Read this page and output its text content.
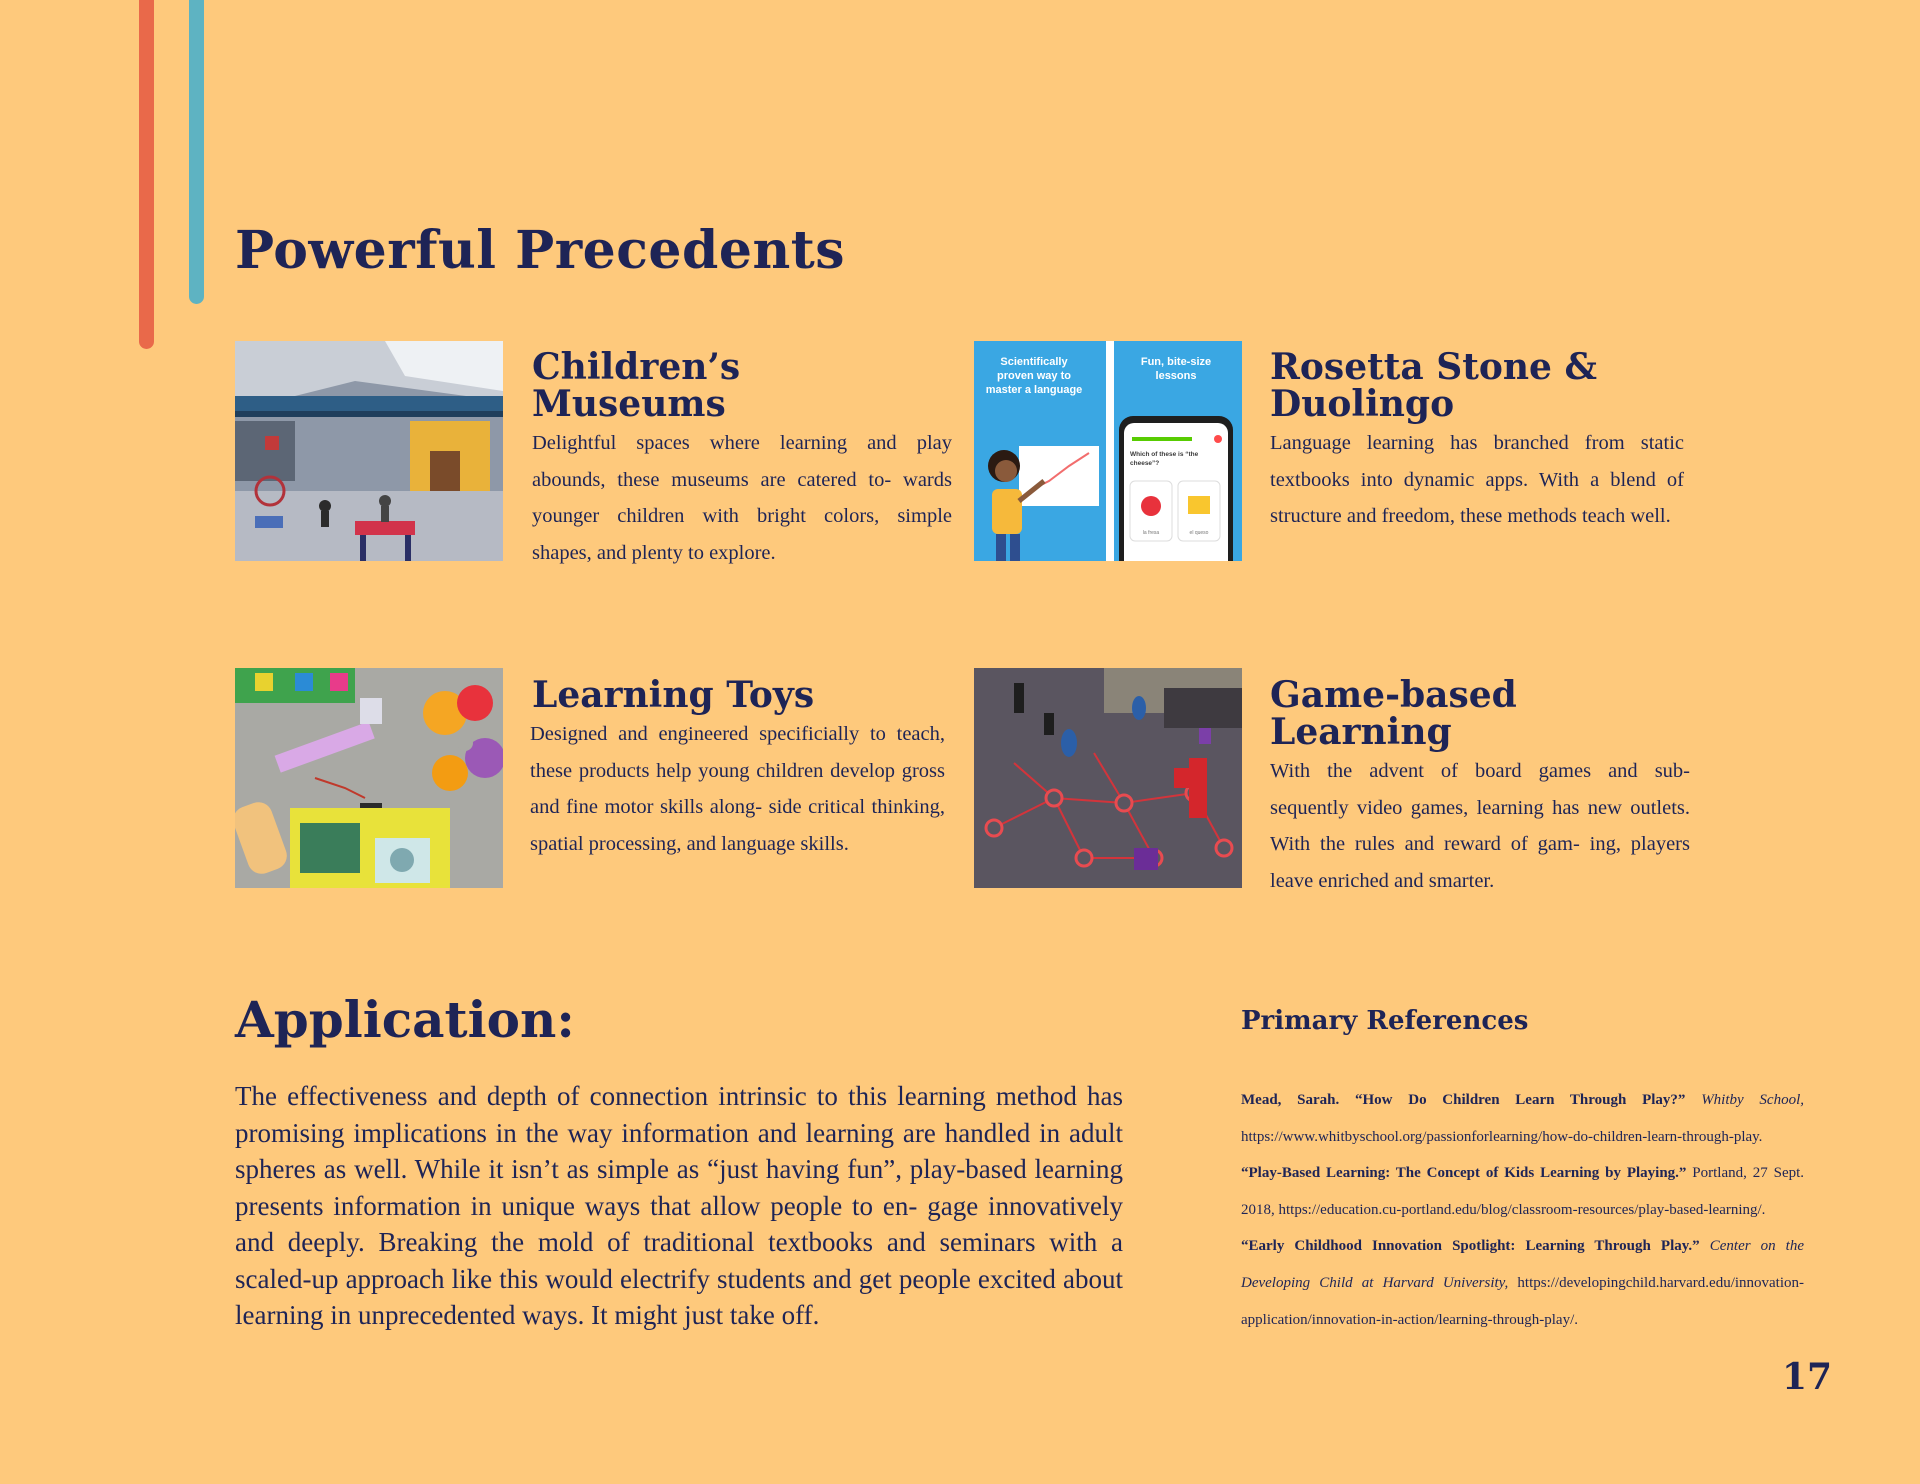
Powerful Precedents
Children’s
Museums

Delightful spaces where learning and play abounds, these museums are catered to- wards younger children with bright colors, simple shapes, and plenty to explore.

Scientifically
proven way to
master a language
Fun, bite-size
lessons
Which of these is “the
cheese”?
la fresa	el queso
Rosetta Stone &
Duolingo

Language learning has branched from static textbooks into dynamic apps. With a blend of structure and freedom, these methods teach well.

Learning Toys

Designed and engineered specificially to teach, these products help young children develop gross and fine motor skills along- side critical thinking, spatial processing, and language skills.

Game-based
Learning

With the advent of board games and sub- sequently video games, learning has new outlets. With the rules and reward of gam- ing, players leave enriched and smarter.

Application:

The effectiveness and depth of connection intrinsic to this learning method has promising implications in the way information and learning are handled in adult spheres as well. While it isn’t as simple as “just having fun”, play-based learning presents information in unique ways that allow people to en- gage innovatively and deeply. Breaking the mold of traditional textbooks and seminars with a scaled-up approach like this would electrify students and get people excited about learning in unprecedented ways. It might just take off.

Primary References

Mead, Sarah. “How Do Children Learn Through Play?” Whitby School, https://www.whitbyschool.org/passionforlearning/how-do-children-learn-through-play.

“Play-Based Learning: The Concept of Kids Learning by Playing.” Portland, 27 Sept. 2018, https://education.cu-portland.edu/blog/classroom-resources/play-based-learning/.

“Early Childhood Innovation Spotlight: Learning Through Play.” Center on the Developing Child at Harvard University, https://developingchild.harvard.edu/innovation-application/innovation-in-action/learning-through-play/.

17
